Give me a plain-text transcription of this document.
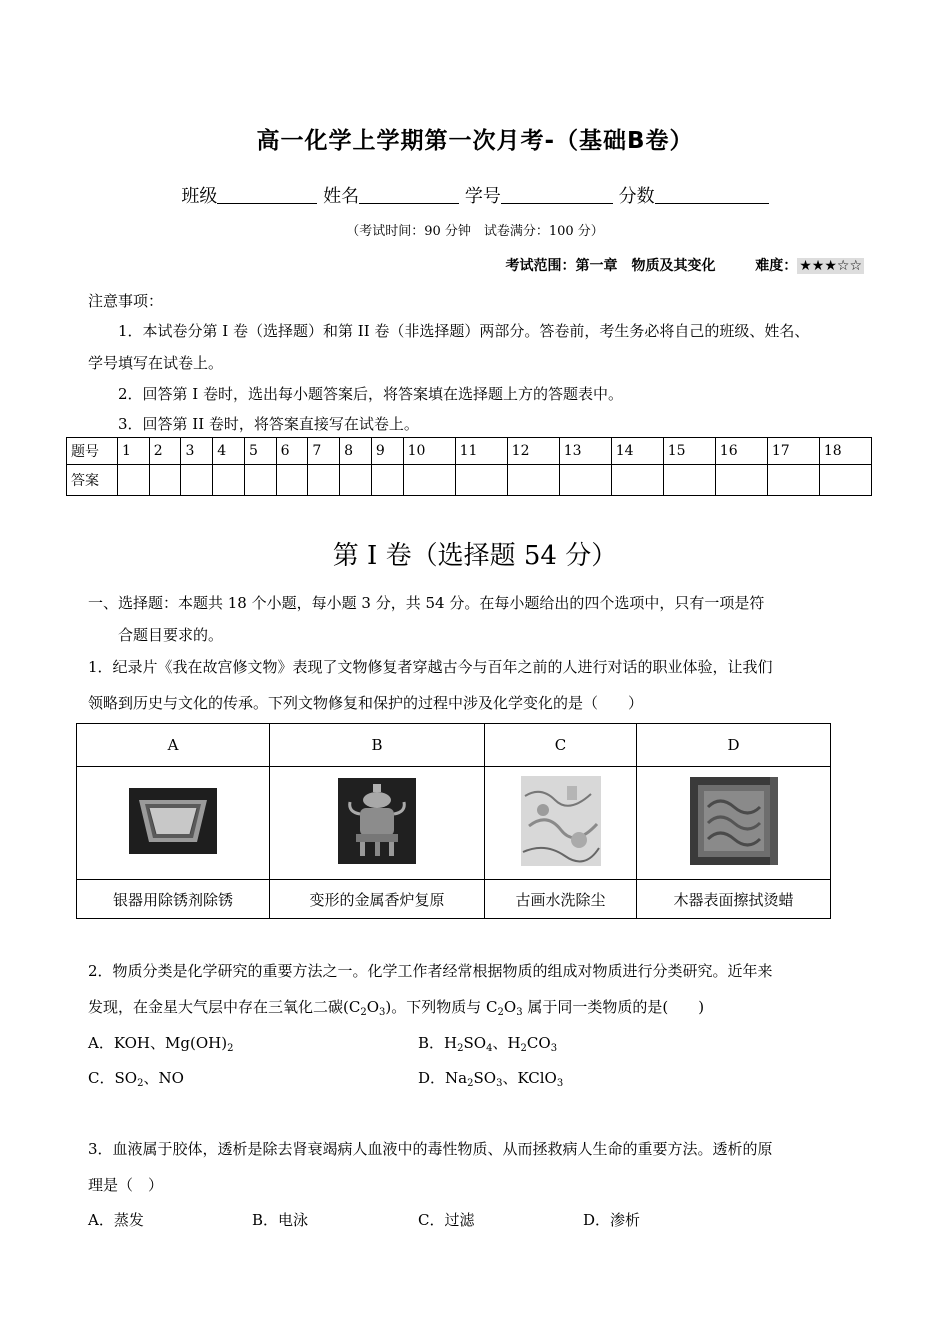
高一化学上学期第一次月考-（基础B卷）
班级	姓名	学号	分数
（考试时间：90 分钟　试卷满分：100 分）
考试范围：第一章　物质及其变化	难度： ★★★☆☆
注意事项：
1．本试卷分第 I 卷（选择题）和第 II 卷（非选择题）两部分。答卷前，考生务必将自己的班级、姓名、
学号填写在试卷上。
2．回答第 I 卷时，选出每小题答案后，将答案填在选择题上方的答题表中。
3．回答第 II 卷时，将答案直接写在试卷上。
题号	1	2	3	4	5	6	7	8	9	10	11	12	13	14	15	16	17	18
答案																		
第 I 卷（选择题 54 分）
一、选择题：本题共 18 个小题，每小题 3 分，共 54 分。在每小题给出的四个选项中，只有一项是符
合题目要求的。
1．纪录片《我在故宫修文物》表现了文物修复者穿越古今与百年之前的人进行对话的职业体验，让我们
领略到历史与文化的传承。下列文物修复和保护的过程中涉及化学变化的是（　　）
A	B	C	D

银器用除锈剂除锈	变形的金属香炉复原	古画水洗除尘	木器表面擦拭烫蜡
2．物质分类是化学研究的重要方法之一。化学工作者经常根据物质的组成对物质进行分类研究。近年来
发现，在金星大气层中存在三氧化二碳$(C_2O_3)$。下列物质与 $C_2O_3$ 属于同一类物质的是(　　)
A．KOH、$Mg(OH)_2$	B．$H_2SO_4$、$H_2CO_3$
C．$SO_2$、NO	D．$Na_2SO_3$、KClO$_3$
3．血液属于胶体，透析是除去肾衰竭病人血液中的毒性物质、从而拯救病人生命的重要方法。透析的原
理是（　）
A．蒸发	B．电泳	C．过滤	D．渗析
